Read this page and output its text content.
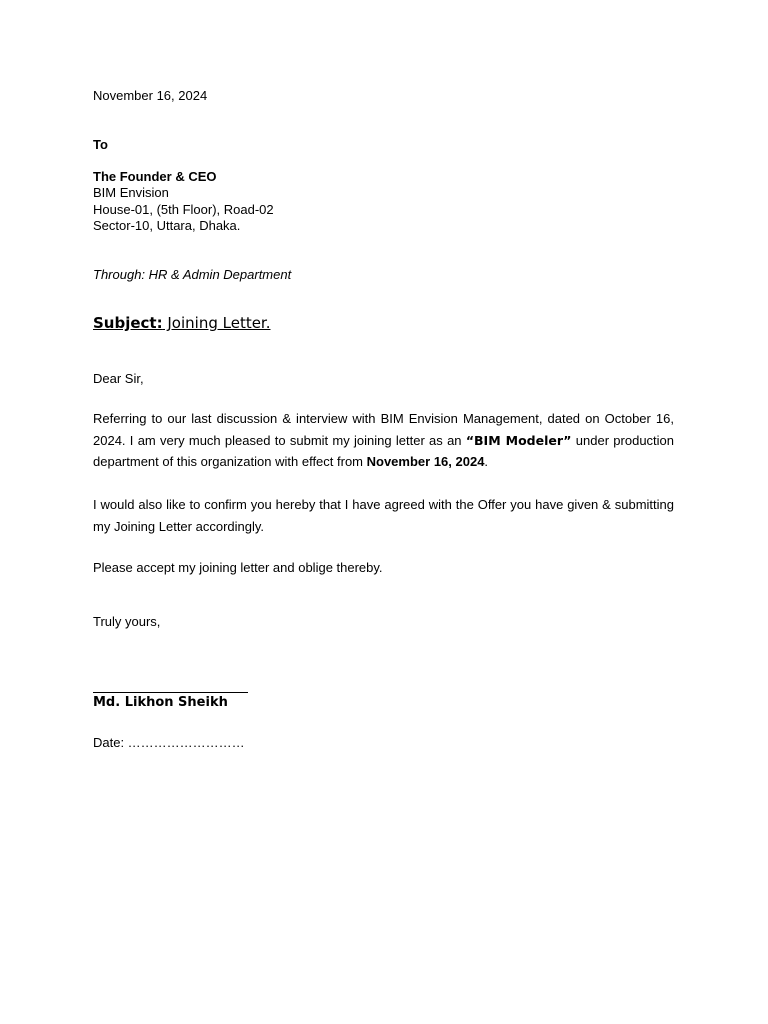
November 16, 2024
To
The Founder & CEO
BIM Envision
House-01, (5th Floor), Road-02
Sector-10, Uttara, Dhaka.
Through: HR & Admin Department
Subject: Joining Letter.
Dear Sir,
Referring to our last discussion & interview with BIM Envision Management, dated on October 16, 2024. I am very much pleased to submit my joining letter as an “BIM Modeler” under production department of this organization with effect from November 16, 2024.
I would also like to confirm you hereby that I have agreed with the Offer you have given & submitting my Joining Letter accordingly.
Please accept my joining letter and oblige thereby.
Truly yours,
Md. Likhon Sheikh
Date: ………………………
